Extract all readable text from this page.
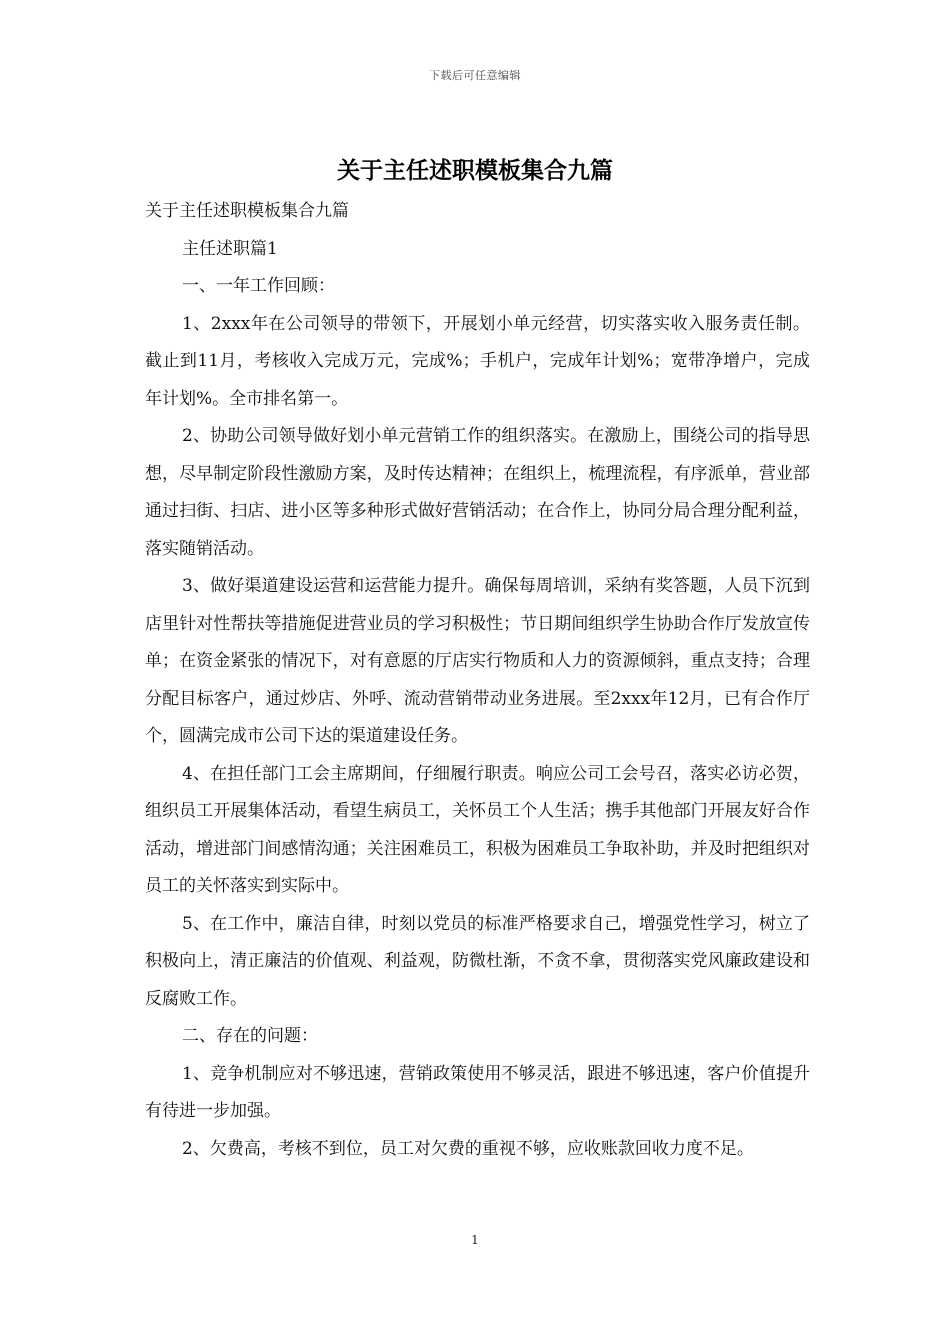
下载后可任意编辑
关于主任述职模板集合九篇

关于主任述职模板集合九篇

主任述职篇1

一、一年工作回顾：

1、2xxx年在公司领导的带领下，开展划小单元经营，切实落实收入服务责任制。截止到11月，考核收入完成万元，完成%；手机户，完成年计划%；宽带净增户，完成年计划%。全市排名第一。

2、协助公司领导做好划小单元营销工作的组织落实。在激励上，围绕公司的指导思想，尽早制定阶段性激励方案，及时传达精神；在组织上，梳理流程，有序派单，营业部通过扫街、扫店、进小区等多种形式做好营销活动；在合作上，协同分局合理分配利益，落实随销活动。

3、做好渠道建设运营和运营能力提升。确保每周培训，采纳有奖答题，人员下沉到店里针对性帮扶等措施促进营业员的学习积极性；节日期间组织学生协助合作厅发放宣传单；在资金紧张的情况下，对有意愿的厅店实行物质和人力的资源倾斜，重点支持；合理分配目标客户，通过炒店、外呼、流动营销带动业务进展。至2xxx年12月，已有合作厅个，圆满完成市公司下达的渠道建设任务。

4、在担任部门工会主席期间，仔细履行职责。响应公司工会号召，落实必访必贺，组织员工开展集体活动，看望生病员工，关怀员工个人生活；携手其他部门开展友好合作活动，增进部门间感情沟通；关注困难员工，积极为困难员工争取补助，并及时把组织对员工的关怀落实到实际中。

5、在工作中，廉洁自律，时刻以党员的标准严格要求自己，增强党性学习，树立了积极向上，清正廉洁的价值观、利益观，防微杜渐，不贪不拿，贯彻落实党风廉政建设和反腐败工作。

二、存在的问题：

1、竞争机制应对不够迅速，营销政策使用不够灵活，跟进不够迅速，客户价值提升有待进一步加强。

2、欠费高，考核不到位，员工对欠费的重视不够，应收账款回收力度不足。

1
